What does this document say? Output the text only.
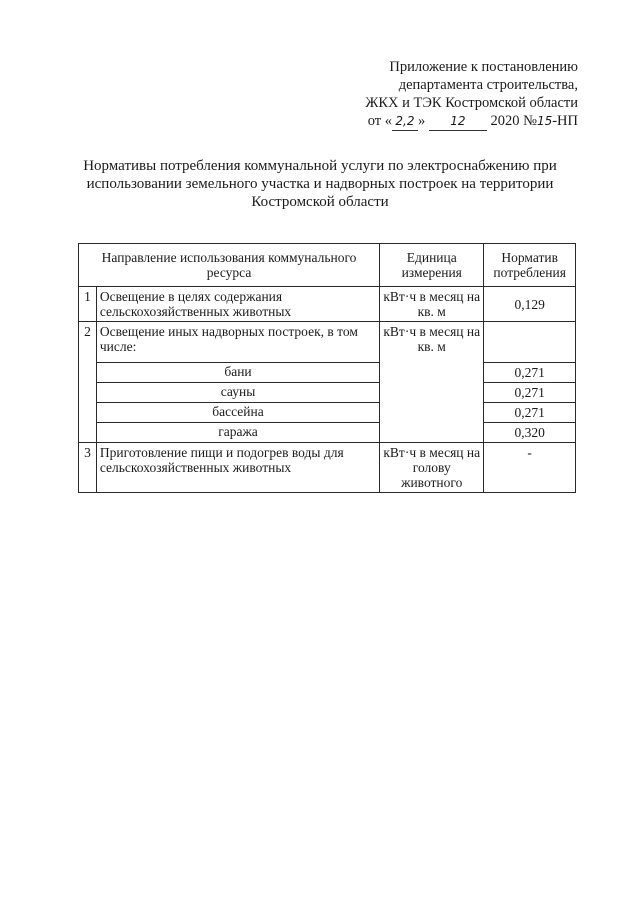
Приложение к постановлению
департамента строительства,
ЖКХ и ТЭК Костромской области
от « 2,2 » 12 2020 №15-НП
Нормативы потребления коммунальной услуги по электроснабжению при
использовании земельного участка и надворных построек на территории
Костромской области
Направление использования коммунального ресурса		Единица измерения	Норматив потребления
1	Освещение в целях содержания сельскохозяйственных животных	кВт·ч в месяц на кв. м	0,129
2	Освещение иных надворных построек, в том числе:	кВт·ч в месяц на кв. м	
	бани		0,271
	сауны		0,271
	бассейна		0,271
	гаража		0,320
3	Приготовление пищи и подогрев воды для сельскохозяйственных животных	кВт·ч в месяц на голову животного	-
